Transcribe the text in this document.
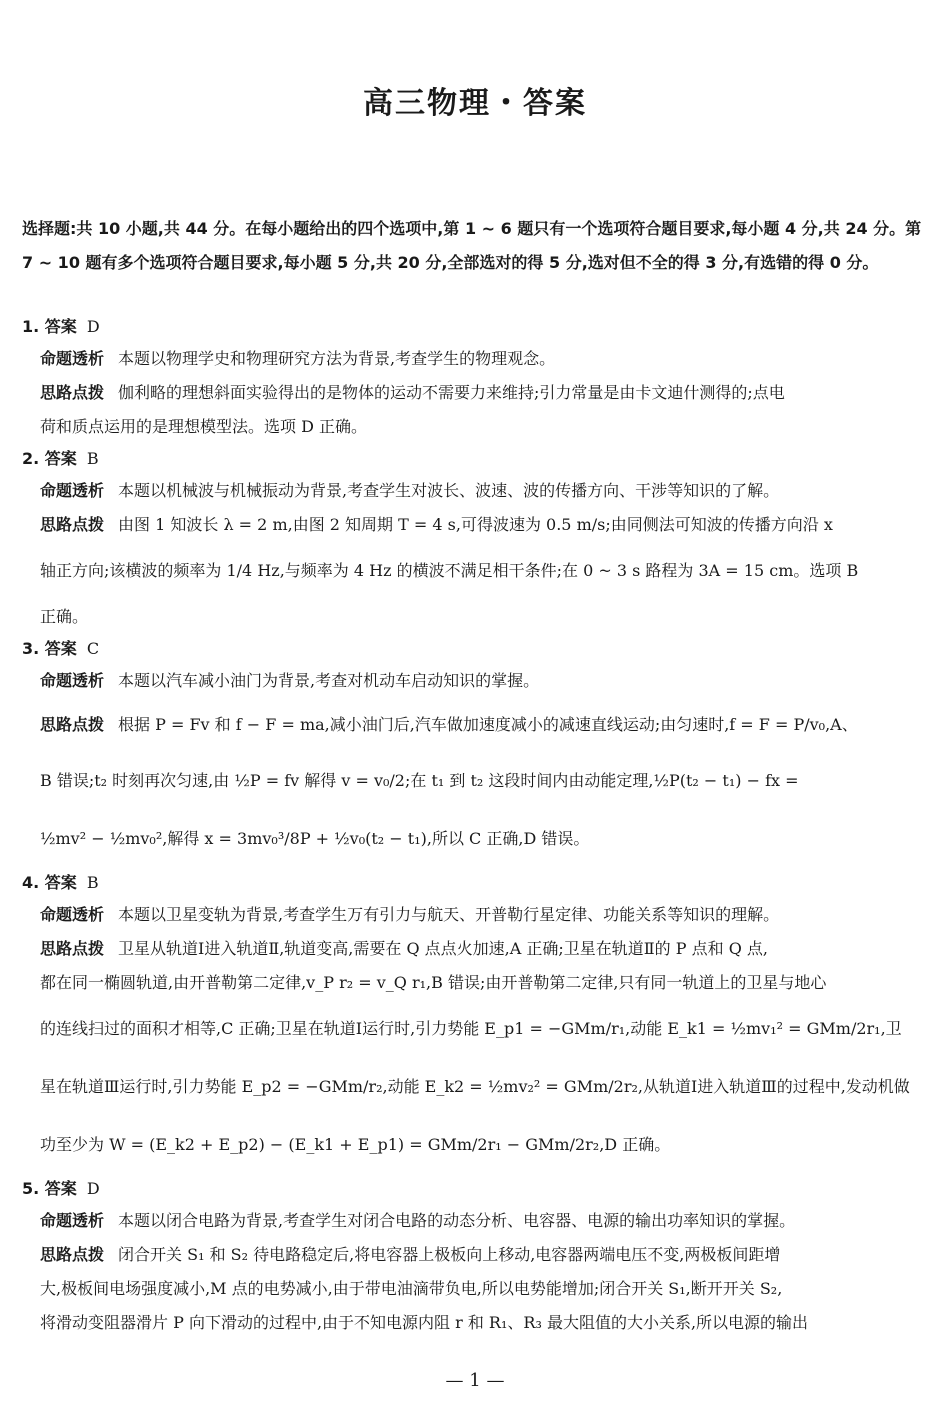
高三物理・答案
选择题:共 10 小题,共 44 分。在每小题给出的四个选项中,第 1 ~ 6 题只有一个选项符合题目要求,每小题 4 分,共 24 分。第 7 ~ 10 题有多个选项符合题目要求,每小题 5 分,共 20 分,全部选对的得 5 分,选对但不全的得 3 分,有选错的得 0 分。

1. 答案 D

命题透析 本题以物理学史和物理研究方法为背景,考查学生的物理观念。

思路点拨 伽利略的理想斜面实验得出的是物体的运动不需要力来维持;引力常量是由卡文迪什测得的;点电

荷和质点运用的是理想模型法。选项 D 正确。

2. 答案 B

命题透析 本题以机械波与机械振动为背景,考查学生对波长、波速、波的传播方向、干涉等知识的了解。

思路点拨 由图 1 知波长 λ = 2 m,由图 2 知周期 T = 4 s,可得波速为 0.5 m/s;由同侧法可知波的传播方向沿 x

轴正方向;该横波的频率为 1/4 Hz,与频率为 4 Hz 的横波不满足相干条件;在 0 ~ 3 s 路程为 3A = 15 cm。选项 B

正确。

3. 答案 C

命题透析 本题以汽车减小油门为背景,考查对机动车启动知识的掌握。

思路点拨 根据 P = Fv 和 f − F = ma,减小油门后,汽车做加速度减小的减速直线运动;由匀速时,f = F = P/v₀,A、

B 错误;t₂ 时刻再次匀速,由 ½P = fv 解得 v = v₀/2;在 t₁ 到 t₂ 这段时间内由动能定理,½P(t₂ − t₁) − fx =

½mv² − ½mv₀²,解得 x = 3mv₀³/8P + ½v₀(t₂ − t₁),所以 C 正确,D 错误。

4. 答案 B

命题透析 本题以卫星变轨为背景,考查学生万有引力与航天、开普勒行星定律、功能关系等知识的理解。

思路点拨 卫星从轨道Ⅰ进入轨道Ⅱ,轨道变高,需要在 Q 点点火加速,A 正确;卫星在轨道Ⅱ的 P 点和 Q 点,

都在同一椭圆轨道,由开普勒第二定律,v_P r₂ = v_Q r₁,B 错误;由开普勒第二定律,只有同一轨道上的卫星与地心

的连线扫过的面积才相等,C 正确;卫星在轨道Ⅰ运行时,引力势能 E_p1 = −GMm/r₁,动能 E_k1 = ½mv₁² = GMm/2r₁,卫

星在轨道Ⅲ运行时,引力势能 E_p2 = −GMm/r₂,动能 E_k2 = ½mv₂² = GMm/2r₂,从轨道Ⅰ进入轨道Ⅲ的过程中,发动机做

功至少为 W = (E_k2 + E_p2) − (E_k1 + E_p1) = GMm/2r₁ − GMm/2r₂,D 正确。

5. 答案 D

命题透析 本题以闭合电路为背景,考查学生对闭合电路的动态分析、电容器、电源的输出功率知识的掌握。

思路点拨 闭合开关 S₁ 和 S₂ 待电路稳定后,将电容器上极板向上移动,电容器两端电压不变,两极板间距增

大,极板间电场强度减小,M 点的电势减小,由于带电油滴带负电,所以电势能增加;闭合开关 S₁,断开开关 S₂,

将滑动变阻器滑片 P 向下滑动的过程中,由于不知电源内阻 r 和 R₁、R₃ 最大阻值的大小关系,所以电源的输出

— 1 —
